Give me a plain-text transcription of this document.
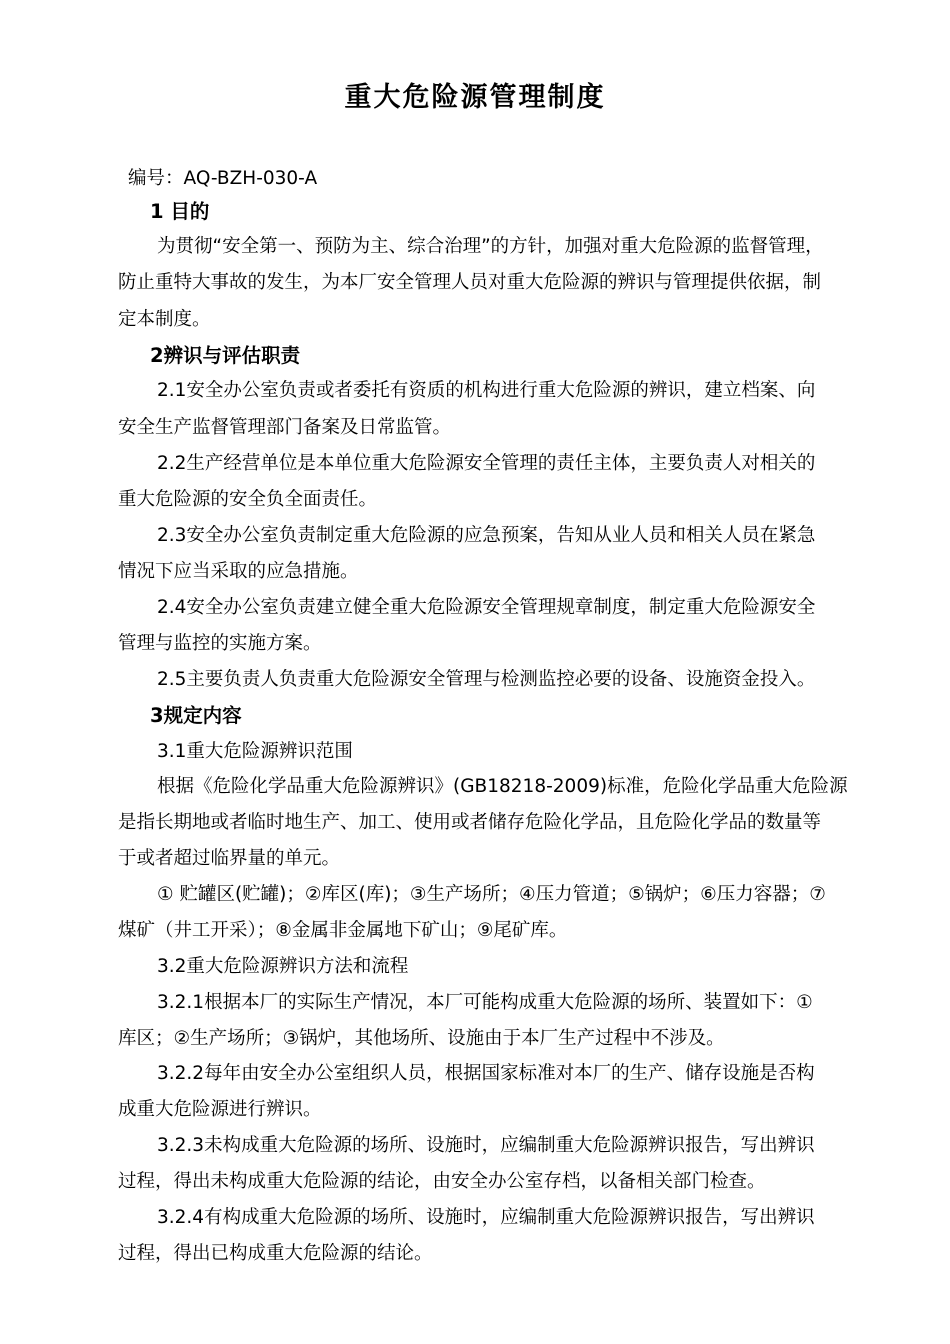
重大危险源管理制度
编号：AQ-BZH-030-A
1 目的
为贯彻“安全第一、预防为主、综合治理”的方针，加强对重大危险源的监督管理，
防止重特大事故的发生，为本厂安全管理人员对重大危险源的辨识与管理提供依据，制
定本制度。
2辨识与评估职责
2.1安全办公室负责或者委托有资质的机构进行重大危险源的辨识，建立档案、向
安全生产监督管理部门备案及日常监管。
2.2生产经营单位是本单位重大危险源安全管理的责任主体，主要负责人对相关的
重大危险源的安全负全面责任。
2.3安全办公室负责制定重大危险源的应急预案，告知从业人员和相关人员在紧急
情况下应当采取的应急措施。
2.4安全办公室负责建立健全重大危险源安全管理规章制度，制定重大危险源安全
管理与监控的实施方案。
2.5主要负责人负责重大危险源安全管理与检测监控必要的设备、设施资金投入。
3规定内容
3.1重大危险源辨识范围
根据《危险化学品重大危险源辨识》(GB18218-2009)标准，危险化学品重大危险源
是指长期地或者临时地生产、加工、使用或者储存危险化学品，且危险化学品的数量等
于或者超过临界量的单元。
① 贮罐区(贮罐)；②库区(库)；③生产场所；④压力管道；⑤锅炉；⑥压力容器；⑦
煤矿（井工开采）；⑧金属非金属地下矿山；⑨尾矿库。
3.2重大危险源辨识方法和流程
3.2.1根据本厂的实际生产情况，本厂可能构成重大危险源的场所、装置如下：①
库区；②生产场所；③锅炉，其他场所、设施由于本厂生产过程中不涉及。
3.2.2每年由安全办公室组织人员，根据国家标准对本厂的生产、储存设施是否构
成重大危险源进行辨识。
3.2.3未构成重大危险源的场所、设施时，应编制重大危险源辨识报告，写出辨识
过程，得出未构成重大危险源的结论，由安全办公室存档，以备相关部门检查。
3.2.4有构成重大危险源的场所、设施时，应编制重大危险源辨识报告，写出辨识
过程，得出已构成重大危险源的结论。
